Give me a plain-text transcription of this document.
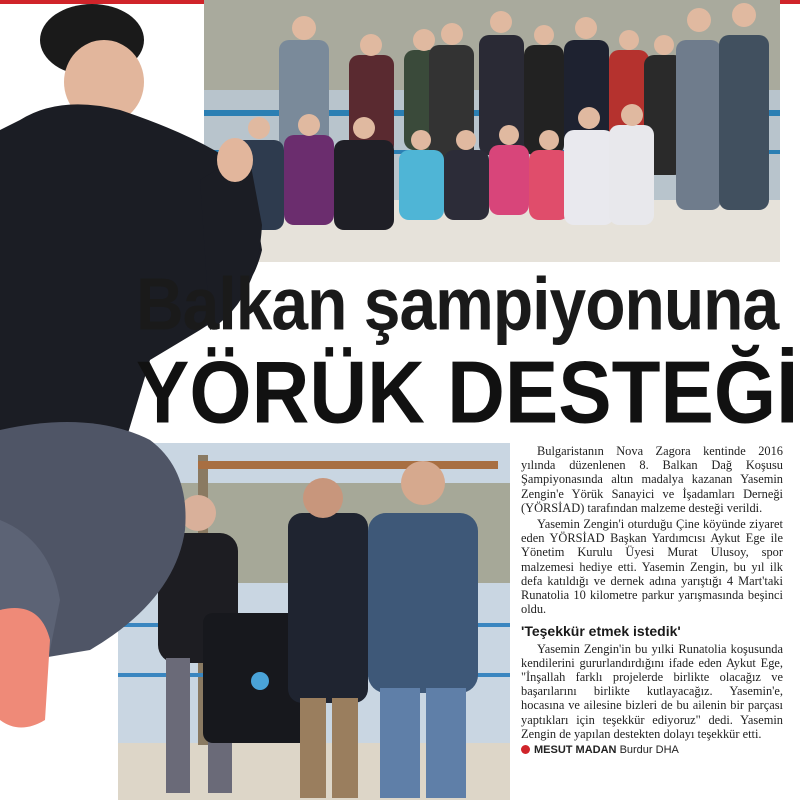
Balkan şampiyonuna
YÖRÜK DESTEĞİ

Bulgaristanın Nova Zagora kentinde 2016 yılında düzenlenen 8. Balkan Dağ Koşusu Şampiyonasında altın madalya kazanan Yasemin Zengin'e Yörük Sanayici ve İşadamları Derneği (YÖRSİAD) tarafından malzeme desteği verildi.

Yasemin Zengin'i oturduğu Çine köyünde ziyaret eden YÖRSİAD Başkan Yardımcısı Aykut Ege ile Yönetim Kurulu Üyesi Murat Ulusoy, spor malzemesi hediye etti. Yasemin Zengin, bu yıl ilk defa katıldığı ve dernek adına yarıştığı 4 Mart'taki Runatolia 10 kilometre parkur yarışmasında beşinci oldu.

'Teşekkür etmek istedik'

Yasemin Zengin'in bu yılki Runatolia koşusunda kendilerini gururlandırdığını ifade eden Aykut Ege, "İnşallah farklı projelerde birlikte olacağız ve başarılarını birlikte kutlayacağız. Yasemin'e, hocasına ve ailesine bizleri de bu ailenin bir parçası yaptıkları için teşekkür ediyoruz" dedi. Yasemin Zengin de yapılan destekten dolayı teşekkür etti.

MESUT MADAN Burdur DHA
